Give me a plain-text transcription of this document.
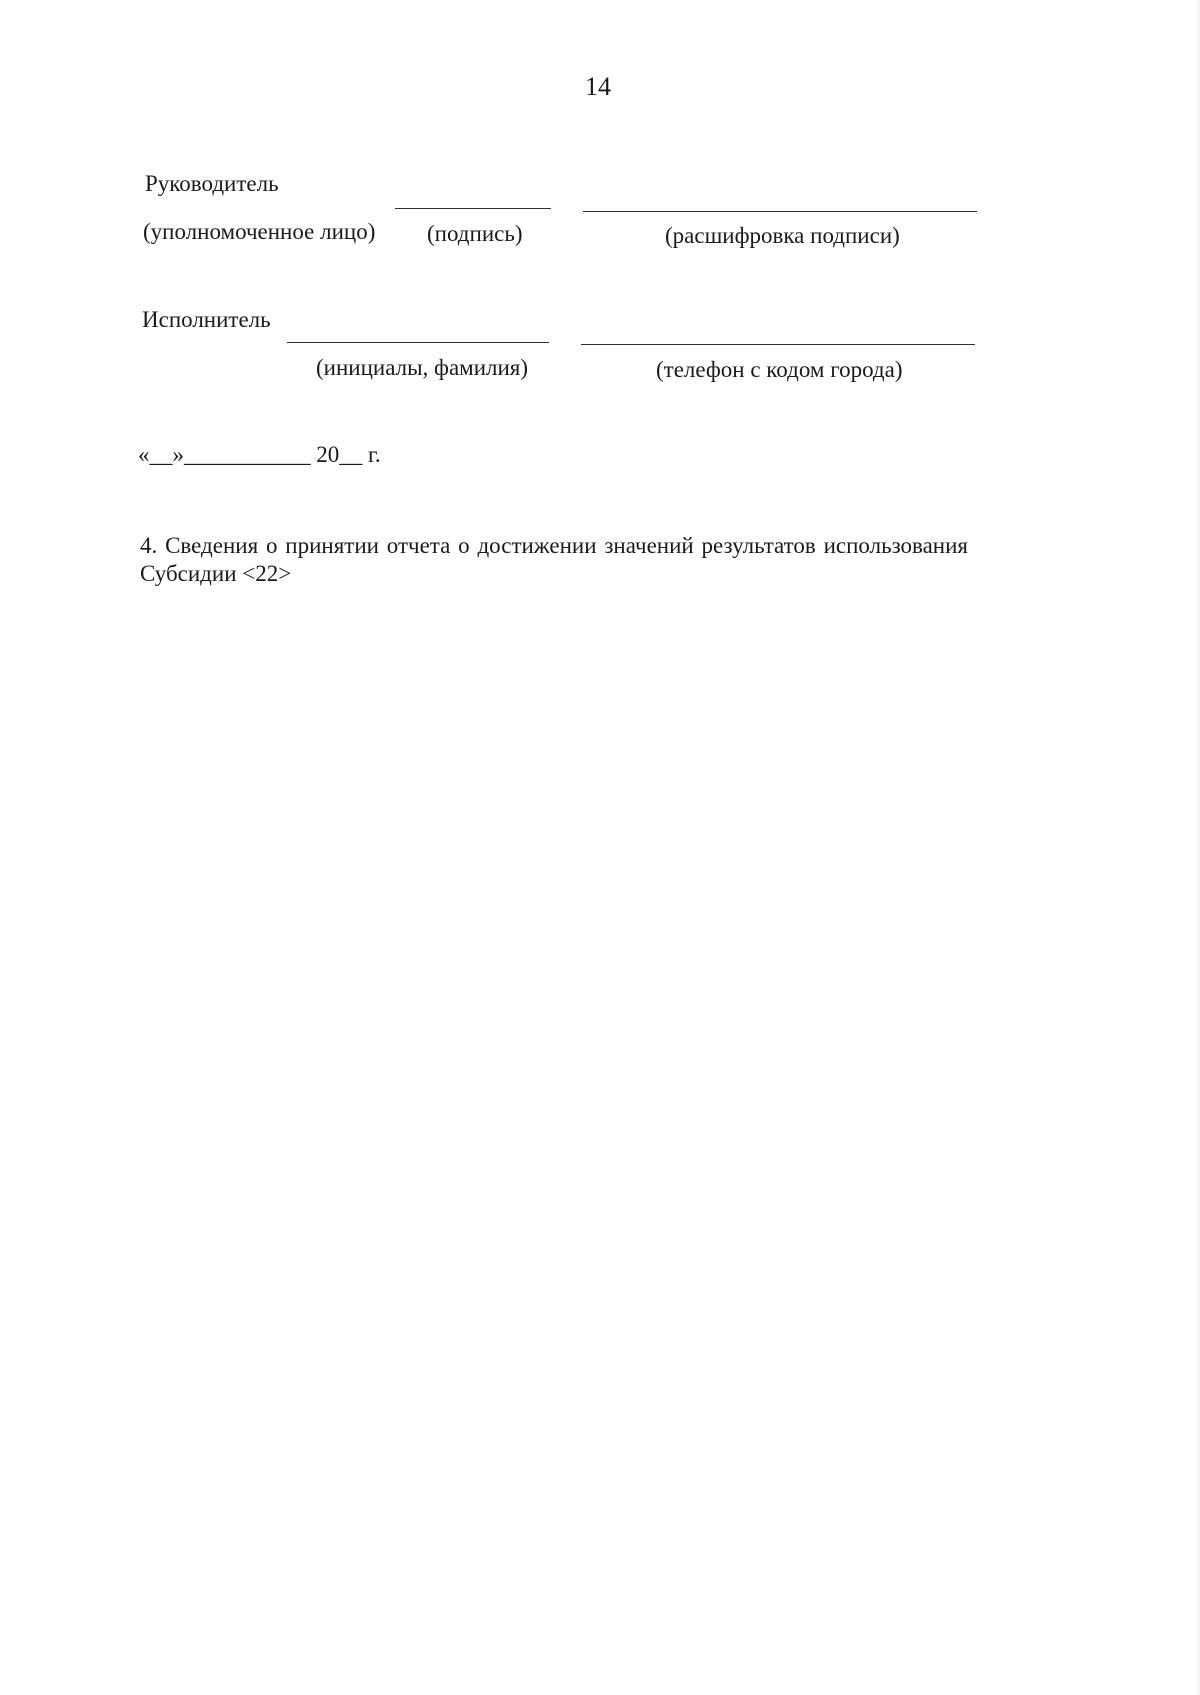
14
Руководитель
(уполномоченное лицо) (подпись)	(расшифровка подписи)
Исполнитель
(инициалы, фамилия)	(телефон с кодом города)
«__»___________ 20__ г.
4. Сведения о принятии отчета о достижении значений результатов использования Субсидии <22>
